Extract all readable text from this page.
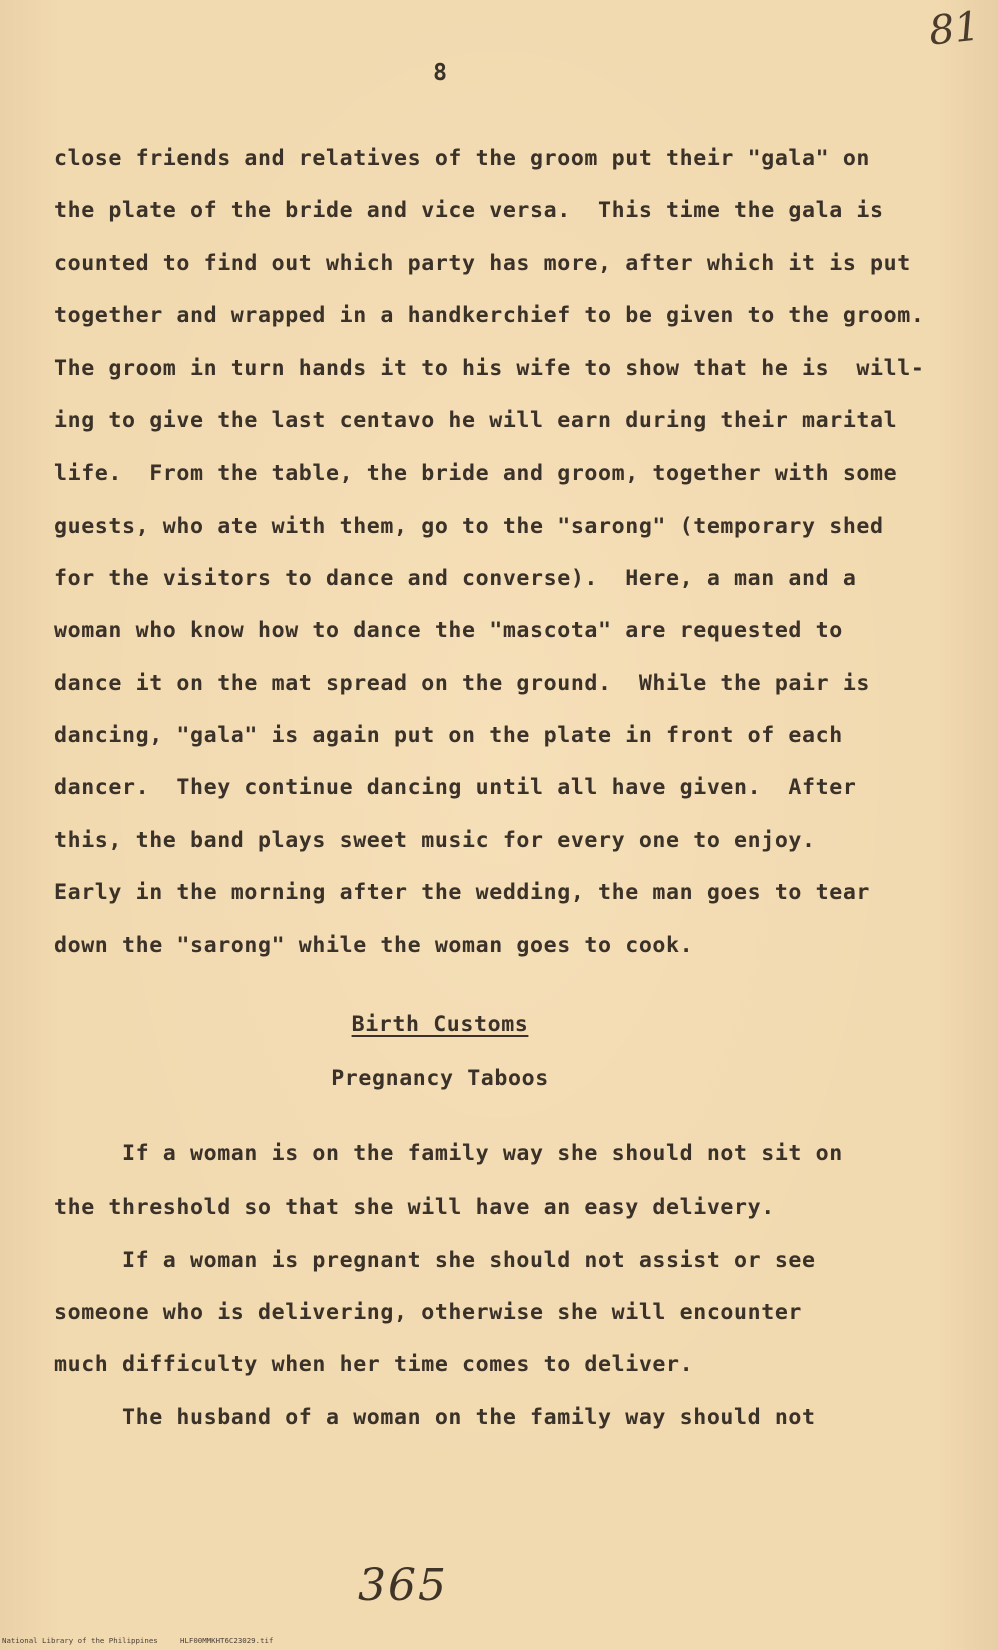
81
8
close friends and relatives of the groom put their "gala" on
the plate of the bride and vice versa.  This time the gala is
counted to find out which party has more, after which it is put
together and wrapped in a handkerchief to be given to the groom.
The groom in turn hands it to his wife to show that he is  will-
ing to give the last centavo he will earn during their marital
life.  From the table, the bride and groom, together with some
guests, who ate with them, go to the "sarong" (temporary shed
for the visitors to dance and converse).  Here, a man and a
woman who know how to dance the "mascota" are requested to
dance it on the mat spread on the ground.  While the pair is
dancing, "gala" is again put on the plate in front of each
dancer.  They continue dancing until all have given.  After
this, the band plays sweet music for every one to enjoy.
Early in the morning after the wedding, the man goes to tear
down the "sarong" while the woman goes to cook.
Birth Customs
Pregnancy Taboos
If a woman is on the family way she should not sit on
the threshold so that she will have an easy delivery.
If a woman is pregnant she should not assist or see
someone who is delivering, otherwise she will encounter
much difficulty when her time comes to deliver.
The husband of a woman on the family way should not
365
National Library of the Philippines     HLF00MMKHT6C23029.tif
